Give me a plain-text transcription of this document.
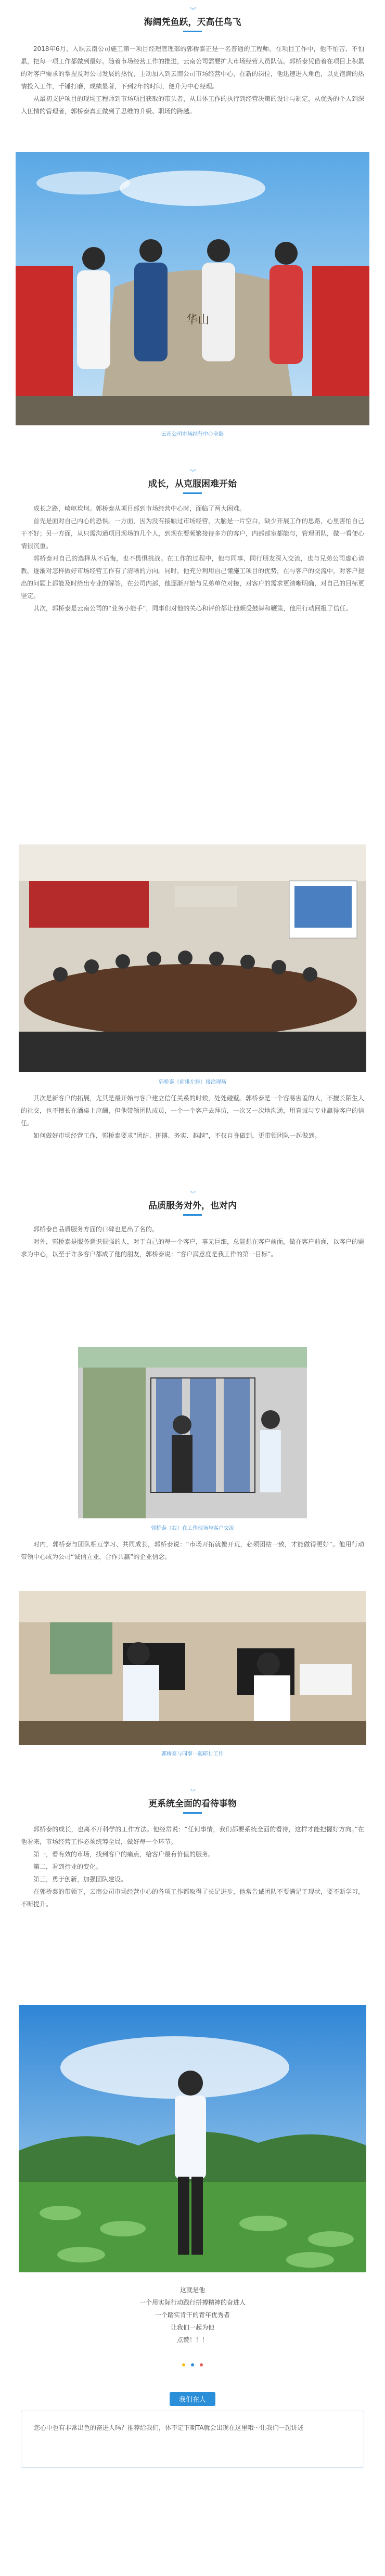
︾
海阔凭鱼跃，天高任鸟飞

2018年6月，入职云南公司施工第一项目经理管理部的郭桥泰正是一名普通的工程师。在项目工作中，他不怕苦、不怕累，把每一项工作都做到最好。随着市场经营工作的推进，云南公司需要扩大市场经营人员队伍。郭桥泰凭借着在项目上积累的对客户需求的掌握及对公司发展的热忱，主动加入到云南公司市场经营中心，在新的岗位，他迅速进入角色，以更饱满的热情投入工作，千锤打磨，成绩显著，下到2年的时间，便升为中心经理。

从最初支护项目的现场工程师到市场项目获取的带头者，从具体工作的执行到经营决策的设计与制定，从优秀的个人到深入伍情的管理者，郭桥泰真正做到了思维的升级、职场的跨越。

华山
云南公司市场经营中心全影
︾
成长，从克服困难开始

成长之路，崎岖坎坷。郭桥泰从项目部到市场经营中心时，面临了两大困难。

首先是面对自己内心的恐惧。一方面，因为没有接触过市场经营，大脑是一片空白，缺少开展工作的思路，心里害怕自己干不好；另一方面，从只需沟通项目现场的几个人，到现在要频繁接待多方的客户，内部部室都能与，管理团队，做一看便心情很沉重。

郭桥泰对自己的选择从不后悔，也不畏惧挑战。在工作的过程中，他与同事、同行朋友深入交流，也与兄弟公司虚心请教。逐渐对怎样做好市场经营工作有了清晰的方向。同时，他充分利用自己懂施工项目的优势，在与客户的交流中，对客户提出的问题上都能及时给出专业的解答，在公司内部，他逐渐开始与兄弟单位对接，对客户的需求更清晰明确，对自己的目标更坚定。

其次，郭桥泰是云南公司的“业务小能手”，同事们对他的关心和评价都让他颇受鼓舞和鞭策，他用行动回报了信任。

郭桥泰（前排左排）接洽现场

其次是新客户的拓展，尤其是最开始与客户建立信任关系的时候，处处碰壁。郭桥泰是一个容易害羞的人，不擅长陌生人的社交，也不擅长在酒桌上应酬，但他带领团队成员，一个一个客户去拜访，一次又一次地沟通，用真诚与专业赢得客户的信任。

如何做好市场经营工作，郭桥泰要求“团结、拼搏、务实、越越”，不仅自身做到，更带领团队一起做到。

︾
品质服务对外，也对内

郭桥泰自品质服务方面的口碑也是出了名的。

对外，郭桥泰是服务意识很强的人，对于自己的每一个客户，事无巨细，总能想在客户前面，做在客户前面，以客户的需求为中心，以至于许多客户都成了他的朋友，郭桥泰说：“客户满意度是我工作的第一目标”。

郭桥泰（右）在工作现场与客户交流

对内，郭桥泰与团队相互学习、共同成长，郭桥泰说：“市场开拓就像开荒，必须团结一致，才能做得更好”。他用行动带领中心成为公司“诚信立业，合作共赢”的企业信念。

郭桥泰与同事一起研讨工作
︾
更系统全面的看待事物

郭桥泰的成长，也离不开科学的工作方法。他经常说：“任何事情，我们都要系统全面的看待，这样才能把握好方向。”在他看来，市场经营工作必须统筹全局，做好每一个环节。

第一，看有效的市场，找到客户的痛点，给客户最有价值的服务。

第二，看到行业的变化。

第三，勇于创新，加强团队建设。

在郭桥泰的带领下，云南公司市场经营中心的各项工作都取得了长足进步，他常告诫团队不要满足于现状，要不断学习，不断提升。

这就是他
一个用实际行动践行拼搏精神的奋进人
一个踏实肯干的青年优秀者
让我们一起为他
点赞！！！

我们在人
您心中也有非常出色的奋进人吗？推荐给我们，体不定下期TA就会出现在这里哦～让我们一起讲述
